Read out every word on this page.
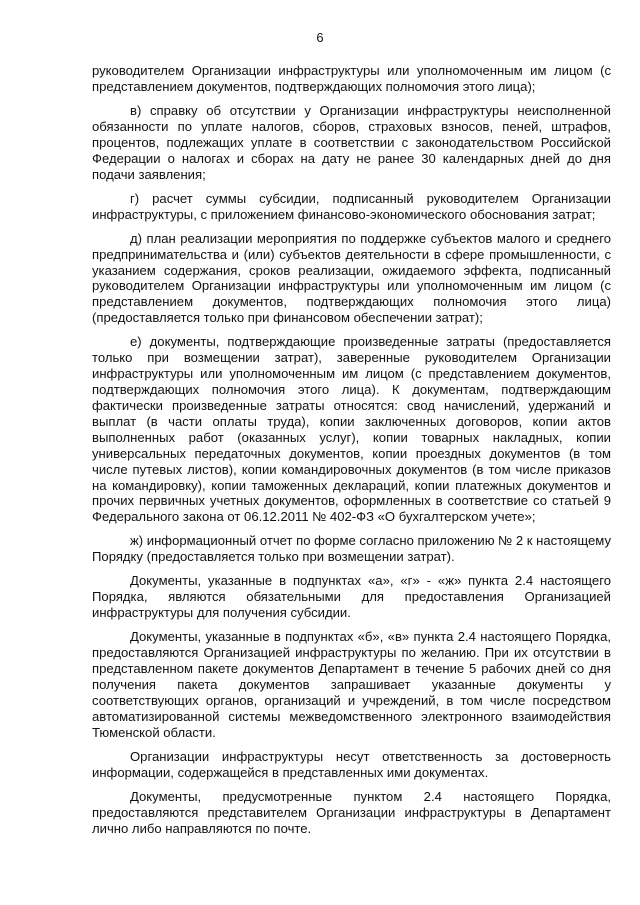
6

руководителем Организации инфраструктуры или уполномоченным им лицом (с представлением документов, подтверждающих полномочия этого лица);

в) справку об отсутствии у Организации инфраструктуры неисполненной обязанности по уплате налогов, сборов, страховых взносов, пеней, штрафов, процентов, подлежащих уплате в соответствии с законодательством Российской Федерации о налогах и сборах на дату не ранее 30 календарных дней до дня подачи заявления;

г) расчет суммы субсидии, подписанный руководителем Организации инфраструктуры, с приложением финансово-экономического обоснования затрат;

д) план реализации мероприятия по поддержке субъектов малого и среднего предпринимательства и (или) субъектов деятельности в сфере промышленности, с указанием содержания, сроков реализации, ожидаемого эффекта, подписанный руководителем Организации инфраструктуры или уполномоченным им лицом (с представлением документов, подтверждающих полномочия этого лица) (предоставляется только при финансовом обеспечении затрат);

е) документы, подтверждающие произведенные затраты (предоставляется только при возмещении затрат), заверенные руководителем Организации инфраструктуры или уполномоченным им лицом (с представлением документов, подтверждающих полномочия этого лица). К документам, подтверждающим фактически произведенные затраты относятся: свод начислений, удержаний и выплат (в части оплаты труда), копии заключенных договоров, копии актов выполненных работ (оказанных услуг), копии товарных накладных, копии универсальных передаточных документов, копии проездных документов (в том числе путевых листов), копии командировочных документов (в том числе приказов на командировку), копии таможенных деклараций, копии платежных документов и прочих первичных учетных документов, оформленных в соответствие со статьей 9 Федерального закона от 06.12.2011 № 402-ФЗ «О бухгалтерском учете»;

ж) информационный отчет по форме согласно приложению № 2 к настоящему Порядку (предоставляется только при возмещении затрат).

Документы, указанные в подпунктах «а», «г» - «ж» пункта 2.4 настоящего Порядка, являются обязательными для предоставления Организацией инфраструктуры для получения субсидии.

Документы, указанные в подпунктах «б», «в» пункта 2.4 настоящего Порядка, предоставляются Организацией инфраструктуры по желанию. При их отсутствии в представленном пакете документов Департамент в течение 5 рабочих дней со дня получения пакета документов запрашивает указанные документы у соответствующих органов, организаций и учреждений, в том числе посредством автоматизированной системы межведомственного электронного взаимодействия Тюменской области.

Организации инфраструктуры несут ответственность за достоверность информации, содержащейся в представленных ими документах.

Документы, предусмотренные пунктом 2.4 настоящего Порядка, предоставляются представителем Организации инфраструктуры в Департамент лично либо направляются по почте.
